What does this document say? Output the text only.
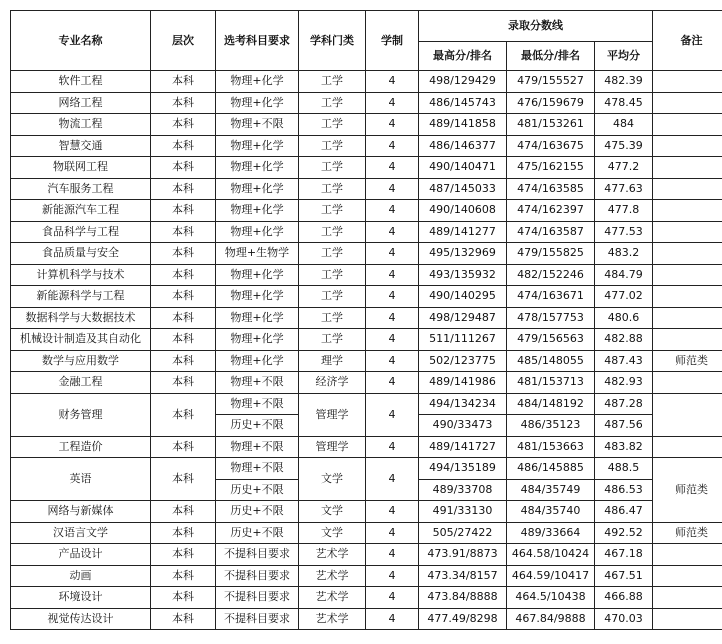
专业名称	层次	选考科目要求	学科门类	学制	录取分数线			备注
					最高分/排名	最低分/排名	平均分	
软件工程	本科	物理+化学	工学	4	498/129429	479/155527	482.39	
网络工程	本科	物理+化学	工学	4	486/145743	476/159679	478.45	
物流工程	本科	物理+不限	工学	4	489/141858	481/153261	484	
智慧交通	本科	物理+化学	工学	4	486/146377	474/163675	475.39	
物联网工程	本科	物理+化学	工学	4	490/140471	475/162155	477.2	
汽车服务工程	本科	物理+化学	工学	4	487/145033	474/163585	477.63	
新能源汽车工程	本科	物理+化学	工学	4	490/140608	474/162397	477.8	
食品科学与工程	本科	物理+化学	工学	4	489/141277	474/163587	477.53	
食品质量与安全	本科	物理+生物学	工学	4	495/132969	479/155825	483.2	
计算机科学与技术	本科	物理+化学	工学	4	493/135932	482/152246	484.79	
新能源科学与工程	本科	物理+化学	工学	4	490/140295	474/163671	477.02	
数据科学与大数据技术	本科	物理+化学	工学	4	498/129487	478/157753	480.6	
机械设计制造及其自动化	本科	物理+化学	工学	4	511/111267	479/156563	482.88	
数学与应用数学	本科	物理+化学	理学	4	502/123775	485/148055	487.43	师范类
金融工程	本科	物理+不限	经济学	4	489/141986	481/153713	482.93	
财务管理	本科	物理+不限	管理学	4	494/134234	484/148192	487.28	
		历史+不限			490/33473	486/35123	487.56	
工程造价	本科	物理+不限	管理学	4	489/141727	481/153663	483.82	
英语	本科	物理+不限	文学	4	494/135189	486/145885	488.5	师范类
		历史+不限			489/33708	484/35749	486.53	
网络与新媒体	本科	历史+不限	文学	4	491/33130	484/35740	486.47	
汉语言文学	本科	历史+不限	文学	4	505/27422	489/33664	492.52	师范类
产品设计	本科	不提科目要求	艺术学	4	473.91/8873	464.58/10424	467.18	
动画	本科	不提科目要求	艺术学	4	473.34/8157	464.59/10417	467.51	
环境设计	本科	不提科目要求	艺术学	4	473.84/8888	464.5/10438	466.88	
视觉传达设计	本科	不提科目要求	艺术学	4	477.49/8298	467.84/9888	470.03	
